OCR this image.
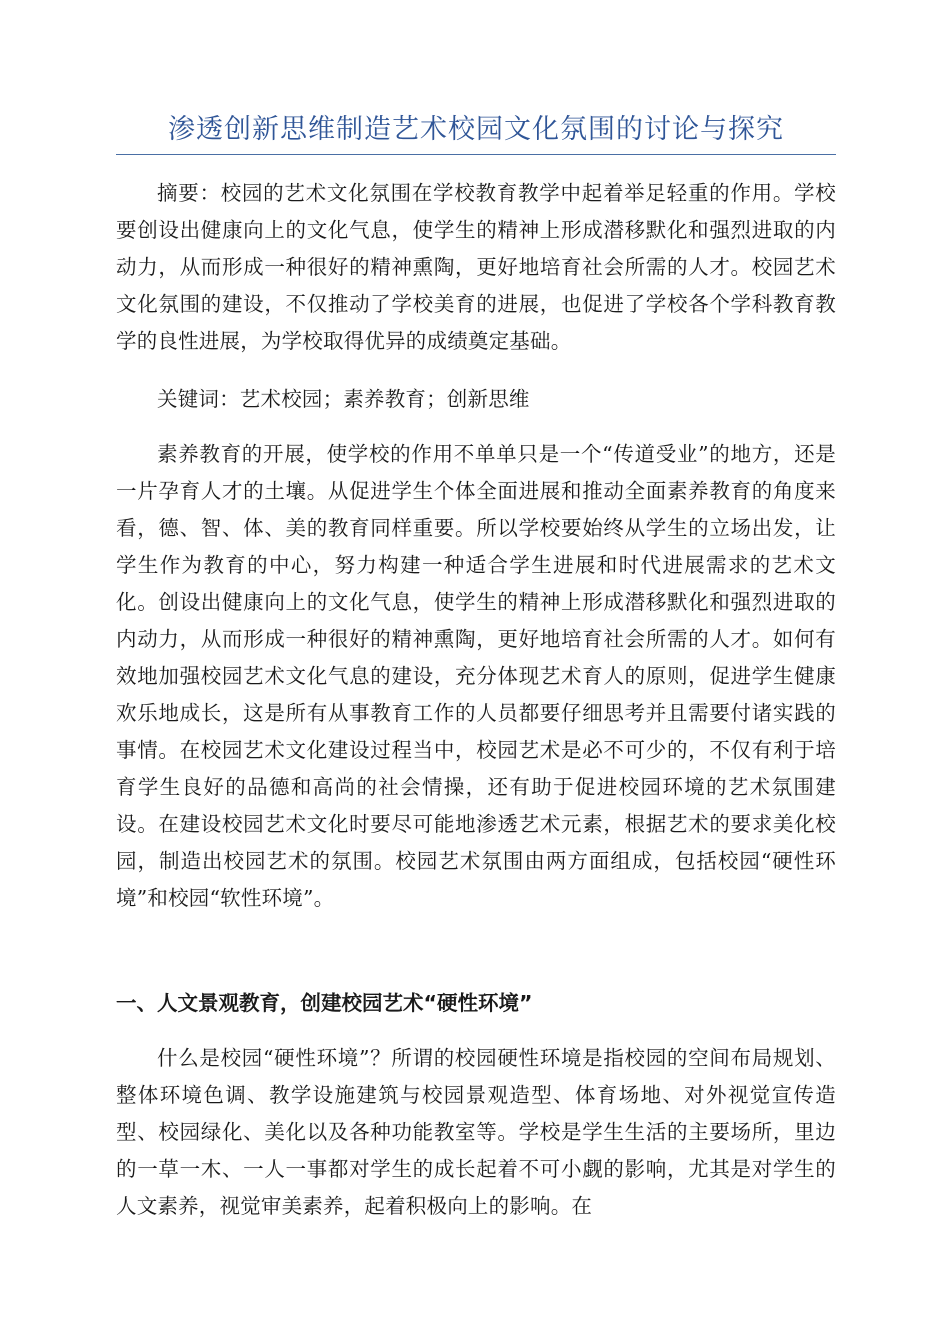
渗透创新思维制造艺术校园文化氛围的讨论与探究

摘要：校园的艺术文化氛围在学校教育教学中起着举足轻重的作用。学校要创设出健康向上的文化气息，使学生的精神上形成潜移默化和强烈进取的内动力，从而形成一种很好的精神熏陶，更好地培育社会所需的人才。校园艺术文化氛围的建设，不仅推动了学校美育的进展，也促进了学校各个学科教育教学的良性进展，为学校取得优异的成绩奠定基础。

关键词：艺术校园；素养教育；创新思维

素养教育的开展，使学校的作用不单单只是一个“传道受业”的地方，还是一片孕育人才的土壤。从促进学生个体全面进展和推动全面素养教育的角度来看，德、智、体、美的教育同样重要。所以学校要始终从学生的立场出发，让学生作为教育的中心，努力构建一种适合学生进展和时代进展需求的艺术文化。创设出健康向上的文化气息，使学生的精神上形成潜移默化和强烈进取的内动力，从而形成一种很好的精神熏陶，更好地培育社会所需的人才。如何有效地加强校园艺术文化气息的建设，充分体现艺术育人的原则，促进学生健康欢乐地成长，这是所有从事教育工作的人员都要仔细思考并且需要付诸实践的事情。在校园艺术文化建设过程当中，校园艺术是必不可少的，不仅有利于培育学生良好的品德和高尚的社会情操，还有助于促进校园环境的艺术氛围建设。在建设校园艺术文化时要尽可能地渗透艺术元素，根据艺术的要求美化校园，制造出校园艺术的氛围。校园艺术氛围由两方面组成，包括校园“硬性环境”和校园“软性环境”。

一、人文景观教育，创建校园艺术“硬性环境”

什么是校园“硬性环境”？所谓的校园硬性环境是指校园的空间布局规划、整体环境色调、教学设施建筑与校园景观造型、体育场地、对外视觉宣传造型、校园绿化、美化以及各种功能教室等。学校是学生生活的主要场所，里边的一草一木、一人一事都对学生的成长起着不可小觑的影响，尤其是对学生的人文素养，视觉审美素养，起着积极向上的影响。在
